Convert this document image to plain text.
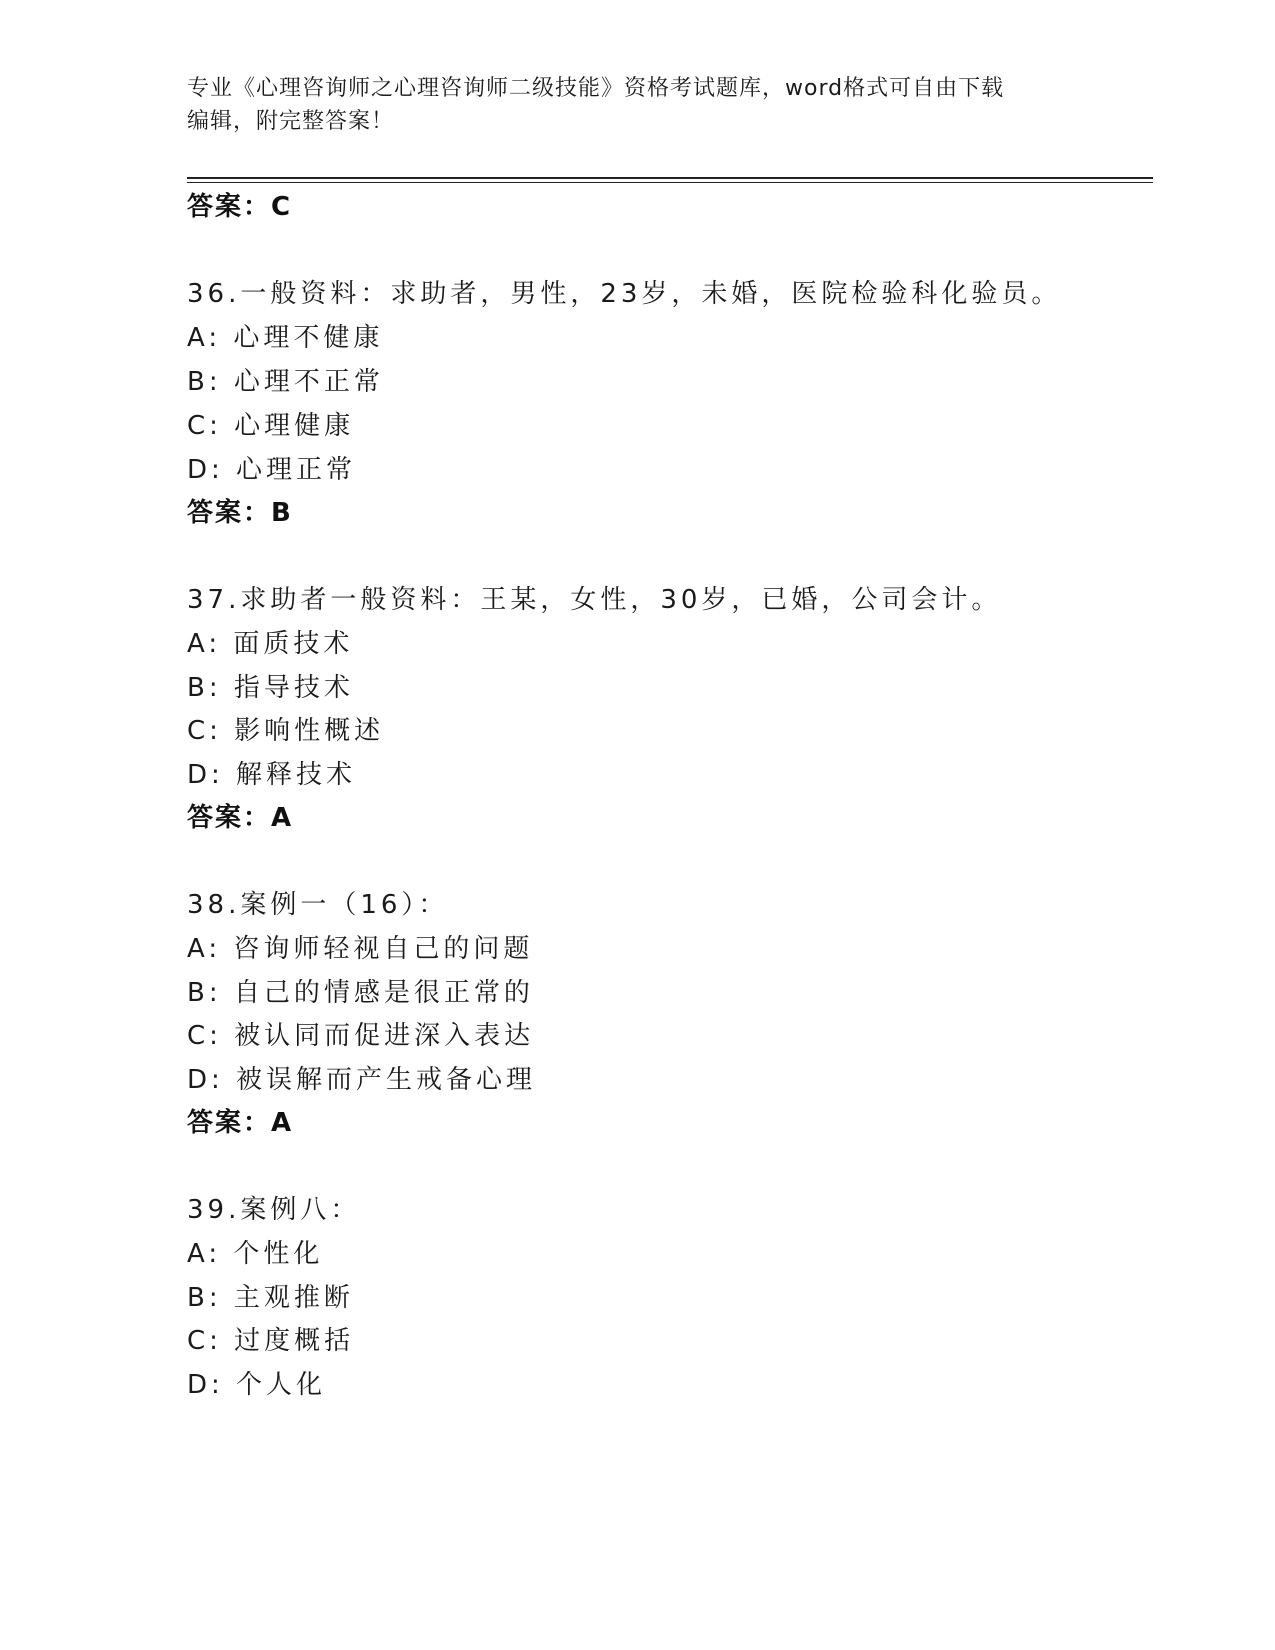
专业《心理咨询师之心理咨询师二级技能》资格考试题库，word格式可自由下载
编辑，附完整答案！
答案：C
36.一般资料：求助者，男性，23岁，未婚，医院检验科化验员。
A: 心理不健康
B: 心理不正常
C: 心理健康
D: 心理正常
答案：B
37.求助者一般资料：王某，女性，30岁，已婚，公司会计。
A: 面质技术
B: 指导技术
C: 影响性概述
D: 解释技术
答案：A
38.案例一（16）：
A: 咨询师轻视自己的问题
B: 自己的情感是很正常的
C: 被认同而促进深入表达
D: 被误解而产生戒备心理
答案：A
39.案例八：
A: 个性化
B: 主观推断
C: 过度概括
D: 个人化
